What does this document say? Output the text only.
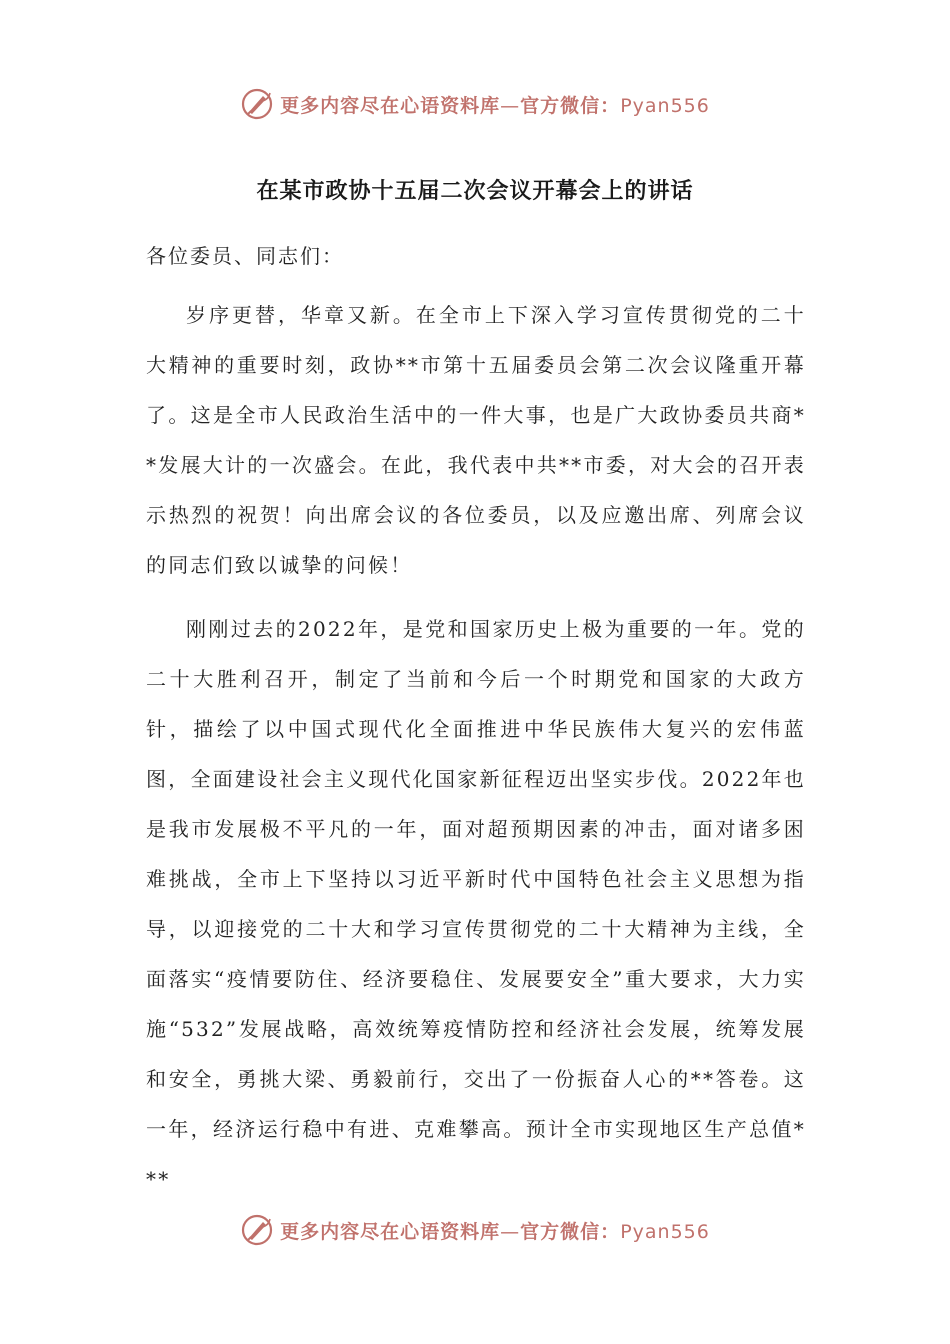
更多内容尽在心语资料库—官方微信：Pyan556
在某市政协十五届二次会议开幕会上的讲话

各位委员、同志们：

岁序更替，华章又新。在全市上下深入学习宣传贯彻党的二十大精神的重要时刻，政协**市第十五届委员会第二次会议隆重开幕了。这是全市人民政治生活中的一件大事，也是广大政协委员共商**发展大计的一次盛会。在此，我代表中共**市委，对大会的召开表示热烈的祝贺！向出席会议的各位委员，以及应邀出席、列席会议的同志们致以诚挚的问候！

刚刚过去的2022年，是党和国家历史上极为重要的一年。党的二十大胜利召开，制定了当前和今后一个时期党和国家的大政方针，描绘了以中国式现代化全面推进中华民族伟大复兴的宏伟蓝图，全面建设社会主义现代化国家新征程迈出坚实步伐。2022年也是我市发展极不平凡的一年，面对超预期因素的冲击，面对诸多困难挑战，全市上下坚持以习近平新时代中国特色社会主义思想为指导，以迎接党的二十大和学习宣传贯彻党的二十大精神为主线，全面落实“疫情要防住、经济要稳住、发展要安全”重大要求，大力实施“532”发展战略，高效统筹疫情防控和经济社会发展，统筹发展和安全，勇挑大梁、勇毅前行，交出了一份振奋人心的**答卷。这一年，经济运行稳中有进、克难攀高。预计全市实现地区生产总值***

更多内容尽在心语资料库—官方微信：Pyan556
